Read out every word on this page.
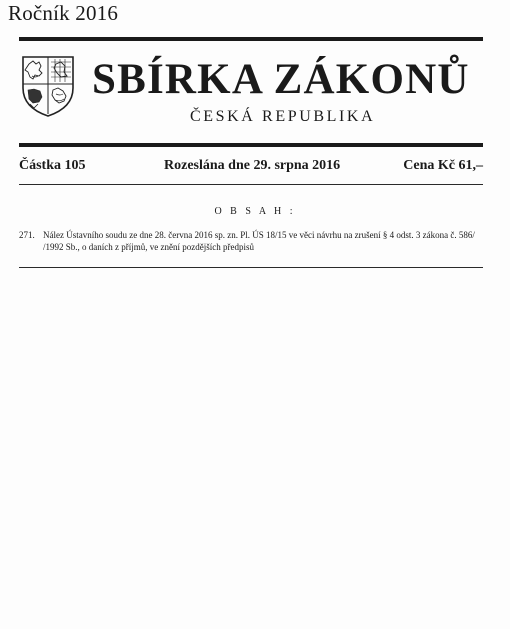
Ročník 2016
SBÍRKA ZÁKONŮ
ČESKÁ REPUBLIKA
Částka 105	Rozeslána dne 29. srpna 2016	Cena Kč 61,–
O B S A H :
271. Nález Ústavního soudu ze dne 28. června 2016 sp. zn. Pl. ÚS 18/15 ve věci návrhu na zrušení § 4 odst. 3 zákona č. 586/
/1992 Sb., o daních z příjmů, ve znění pozdějších předpisů
